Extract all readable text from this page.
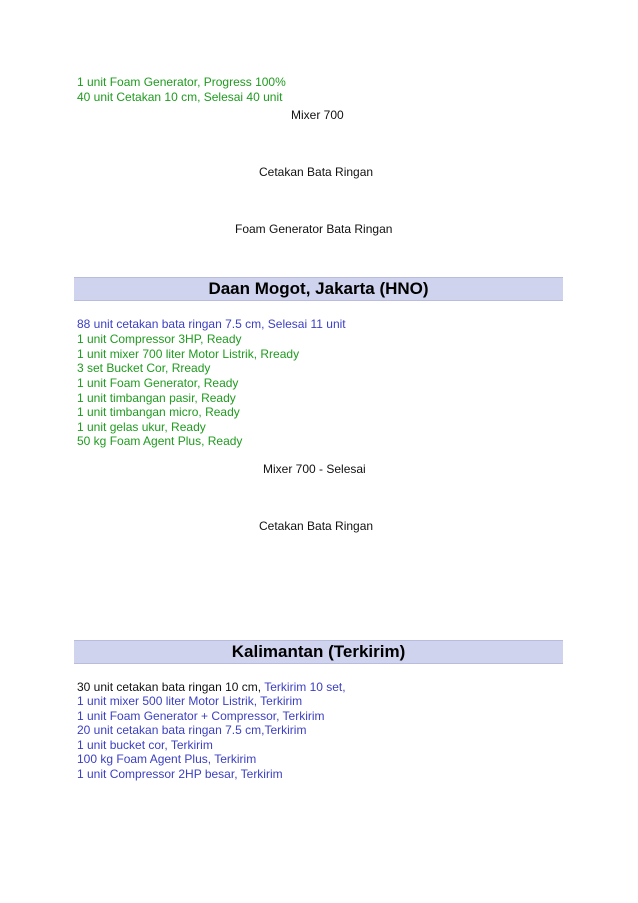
1 unit Foam Generator, Progress 100%
40 unit Cetakan 10 cm, Selesai 40 unit
Mixer 700
Cetakan Bata Ringan
Foam Generator Bata Ringan
Daan Mogot, Jakarta (HNO)
88 unit cetakan bata ringan 7.5 cm, Selesai 11 unit
1 unit Compressor 3HP, Ready
1 unit mixer 700 liter Motor Listrik, Rready
3 set Bucket Cor, Rready
1 unit Foam Generator, Ready
1 unit timbangan pasir, Ready
1 unit timbangan micro, Ready
1 unit gelas ukur, Ready
50 kg Foam Agent Plus, Ready
Mixer 700 - Selesai
Cetakan Bata Ringan
Kalimantan (Terkirim)
30 unit cetakan bata ringan 10 cm, Terkirim 10 set,
1 unit mixer 500 liter Motor Listrik, Terkirim
1 unit Foam Generator + Compressor, Terkirim
20 unit cetakan bata ringan 7.5 cm,Terkirim
1 unit bucket cor, Terkirim
100 kg Foam Agent Plus, Terkirim
1 unit Compressor 2HP besar, Terkirim
